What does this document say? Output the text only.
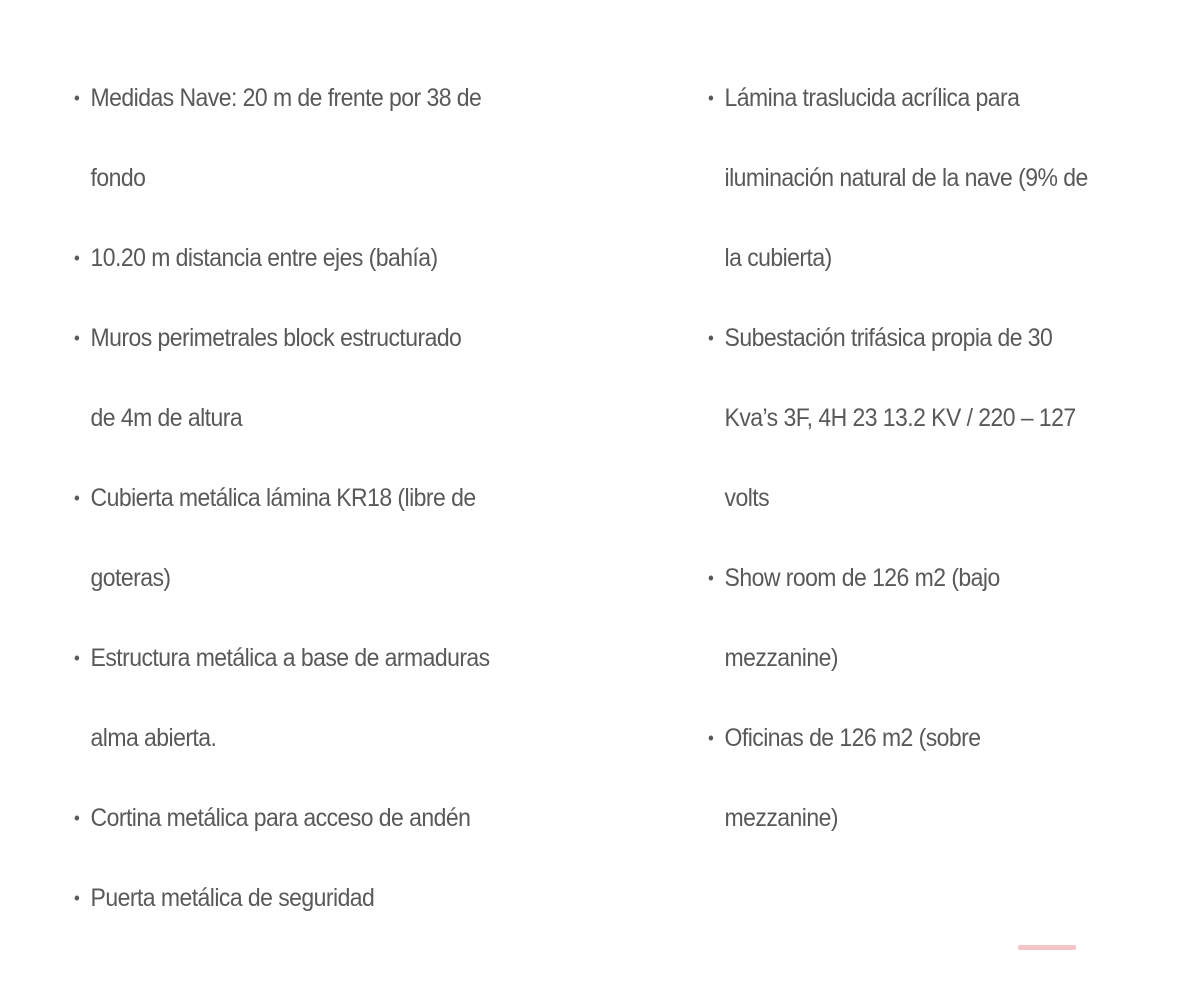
• Medidas Nave: 20 m de frente por 38 de
fondo
• 10.20 m distancia entre ejes (bahía)
• Muros perimetrales block estructurado
de 4m de altura
• Cubierta metálica lámina KR18 (libre de
goteras)
• Estructura metálica a base de armaduras
alma abierta.
• Cortina metálica para acceso de andén
• Puerta metálica de seguridad
• Lámina traslucida acrílica para
iluminación natural de la nave (9% de
la cubierta)
• Subestación trifásica propia de 30
Kva’s 3F, 4H 23 13.2 KV / 220 – 127
volts
• Show room de 126 m2 (bajo
mezzanine)
• Oficinas de 126 m2 (sobre
mezzanine)
